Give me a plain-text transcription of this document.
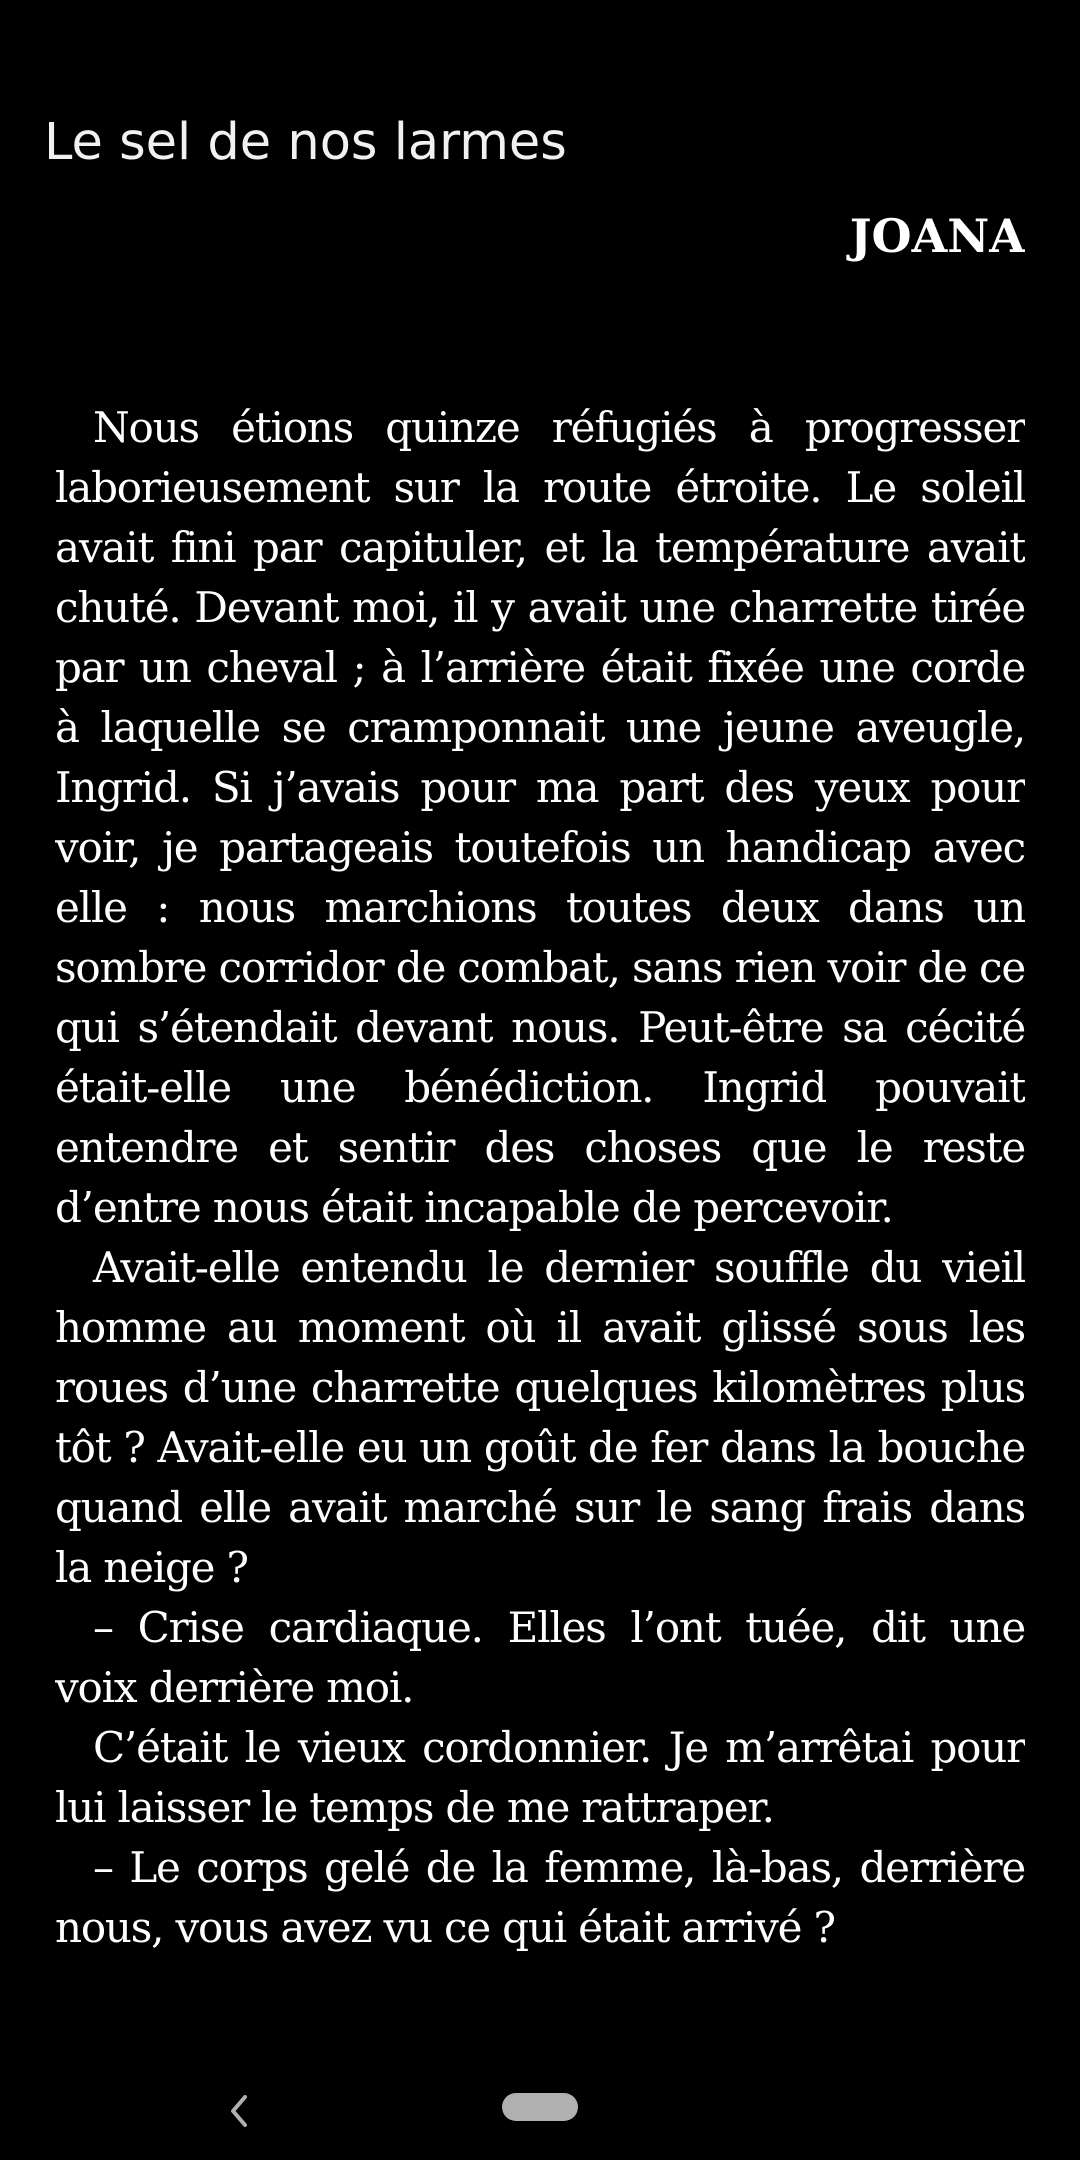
Le sel de nos larmes
JOANA

Nous étions quinze réfugiés à progresser laborieusement sur la route étroite. Le soleil avait fini par capituler, et la température avait chuté. Devant moi, il y avait une charrette tirée par un cheval ; à l’arrière était fixée une corde à laquelle se cramponnait une jeune aveugle, Ingrid. Si j’avais pour ma part des yeux pour voir, je partageais toutefois un handicap avec elle : nous marchions toutes deux dans un sombre corridor de combat, sans rien voir de ce qui s’étendait devant nous. Peut-être sa cécité était-elle une bénédiction. Ingrid pouvait entendre et sentir des choses que le reste d’entre nous était incapable de percevoir.

Avait-elle entendu le dernier souffle du vieil homme au moment où il avait glissé sous les roues d’une charrette quelques kilomètres plus tôt ? Avait-elle eu un goût de fer dans la bouche quand elle avait marché sur le sang frais dans la neige ?

– Crise cardiaque. Elles l’ont tuée, dit une voix derrière moi.

C’était le vieux cordonnier. Je m’arrêtai pour lui laisser le temps de me rattraper.

– Le corps gelé de la femme, là-bas, derrière nous, vous avez vu ce qui était arrivé ?
